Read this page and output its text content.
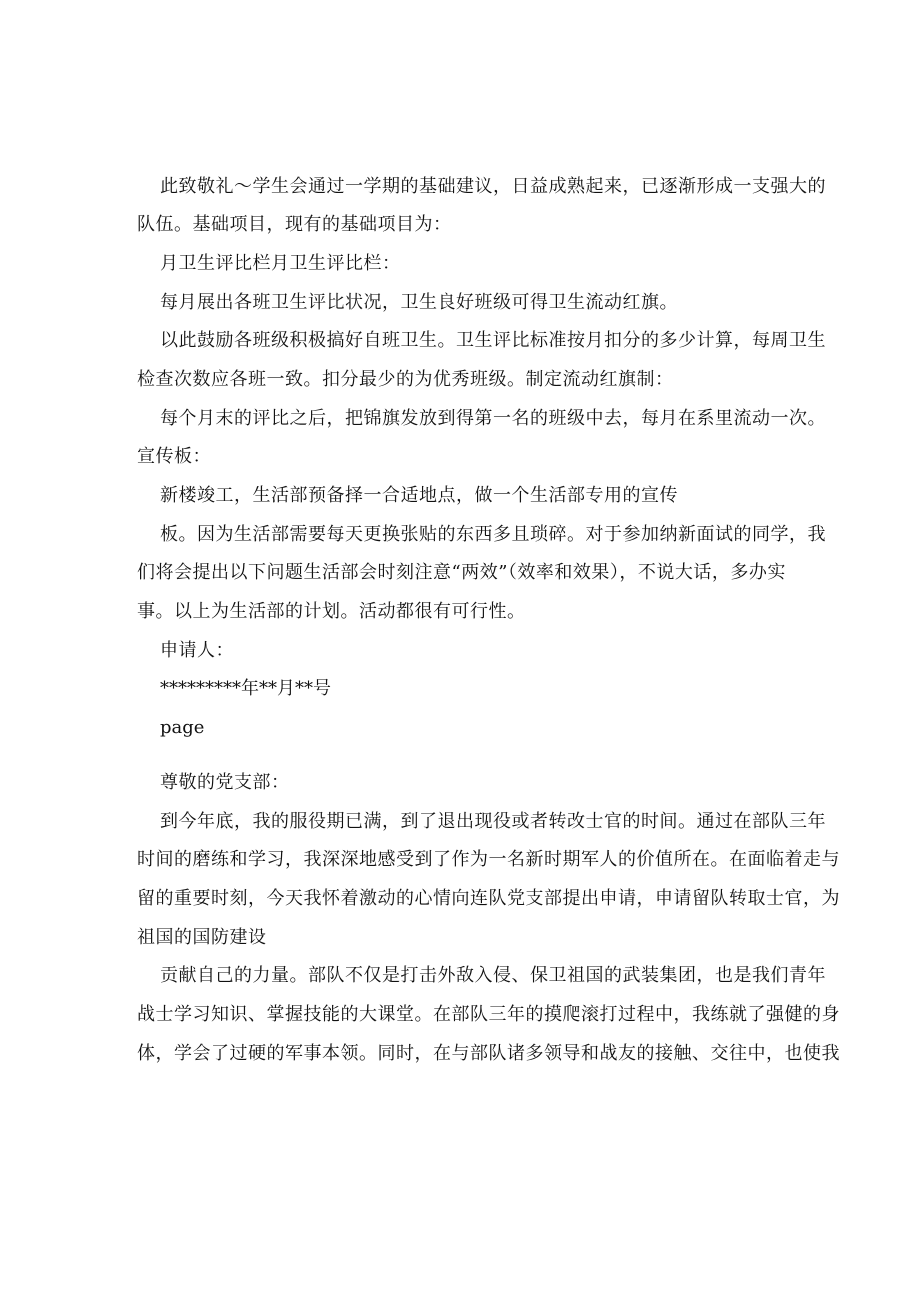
此致敬礼～学生会通过一学期的基础建议，日益成熟起来，已逐渐形成一支强大的
队伍。基础项目，现有的基础项目为：
月卫生评比栏月卫生评比栏：
每月展出各班卫生评比状况，卫生良好班级可得卫生流动红旗。
以此鼓励各班级积极搞好自班卫生。卫生评比标准按月扣分的多少计算，每周卫生
检查次数应各班一致。扣分最少的为优秀班级。制定流动红旗制：
每个月末的评比之后，把锦旗发放到得第一名的班级中去，每月在系里流动一次。
宣传板：
新楼竣工，生活部预备择一合适地点，做一个生活部专用的宣传
板。因为生活部需要每天更换张贴的东西多且琐碎。对于参加纳新面试的同学，我
们将会提出以下问题生活部会时刻注意“两效”（效率和效果），不说大话，多办实
事。以上为生活部的计划。活动都很有可行性。
申请人：
*********年**月**号
page
尊敬的党支部：
到今年底，我的服役期已满，到了退出现役或者转改士官的时间。通过在部队三年
时间的磨练和学习，我深深地感受到了作为一名新时期军人的价值所在。在面临着走与
留的重要时刻，今天我怀着激动的心情向连队党支部提出申请，申请留队转取士官，为
祖国的国防建设
贡献自己的力量。部队不仅是打击外敌入侵、保卫祖国的武装集团，也是我们青年
战士学习知识、掌握技能的大课堂。在部队三年的摸爬滚打过程中，我练就了强健的身
体，学会了过硬的军事本领。同时，在与部队诸多领导和战友的接触、交往中，也使我
